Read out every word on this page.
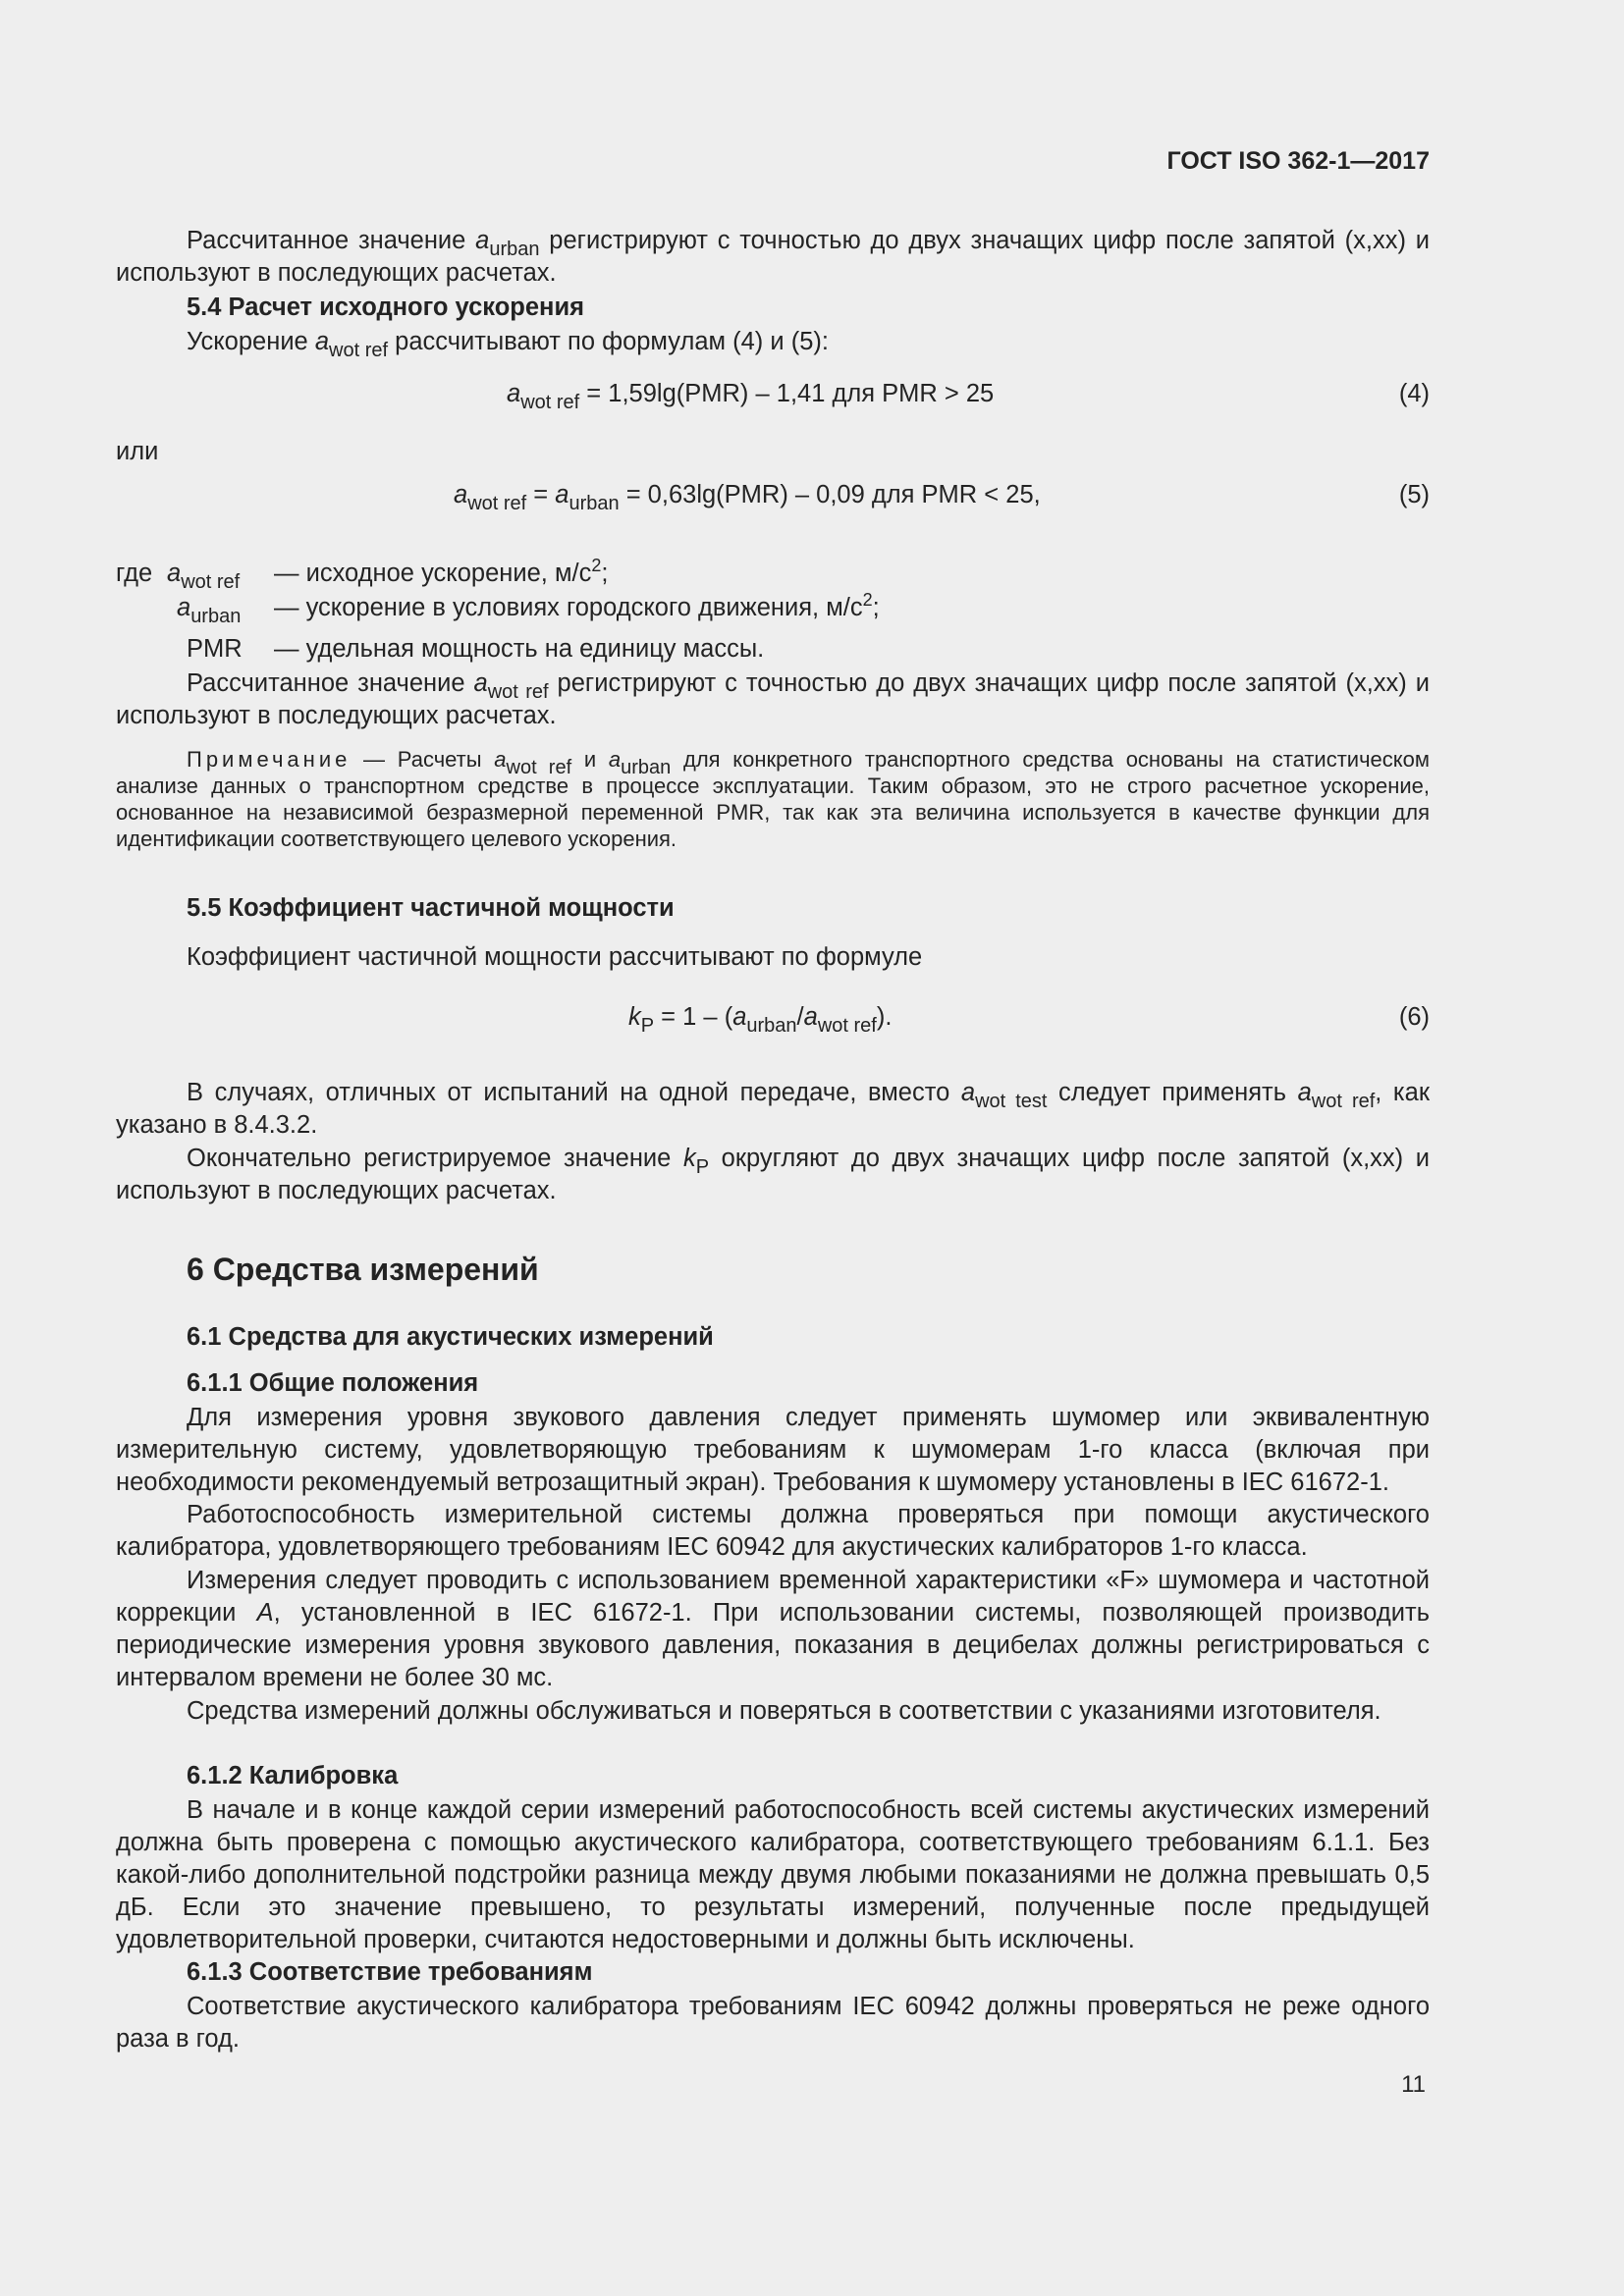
ГОСТ ISO 362-1—2017
Рассчитанное значение $a_{urban}$ регистрируют с точностью до двух значащих цифр после запятой (x,xx) и используют в последующих расчетах.
5.4 Расчет исходного ускорения
Ускорение $a_{wot ref}$ рассчитывают по формулам (4) и (5):
$a_{wot ref} = 1,59\lg(PMR) - 1,41$ для PMR > 25	(4)
или
$a_{wot ref} = a_{urban} = 0,63\lg(PMR) - 0,09$ для PMR < 25,	(5)
где $a_{wot ref}$ — исходное ускорение, $м/с^2$;
$a_{urban}$ — ускорение в условиях городского движения, $м/с^2$;
PMR — удельная мощность на единицу массы.
Рассчитанное значение $a_{wot ref}$ регистрируют с точностью до двух значащих цифр после запятой (x,xx) и используют в последующих расчетах.
Примечание — Расчеты $a_{wot ref}$ и $a_{urban}$ для конкретного транспортного средства основаны на статистическом анализе данных о транспортном средстве в процессе эксплуатации. Таким образом, это не строго расчетное ускорение, основанное на независимой безразмерной переменной PMR, так как эта величина используется в качестве функции для идентификации соответствующего целевого ускорения.
5.5 Коэффициент частичной мощности
Коэффициент частичной мощности рассчитывают по формуле
$k_P = 1 - (a_{urban}/a_{wot ref})$.	(6)
В случаях, отличных от испытаний на одной передаче, вместо $a_{wot test}$ следует применять $a_{wot ref}$, как указано в 8.4.3.2.
Окончательно регистрируемое значение $k_P$ округляют до двух значащих цифр после запятой (x,xx) и используют в последующих расчетах.
6 Средства измерений
6.1 Средства для акустических измерений
6.1.1 Общие положения
Для измерения уровня звукового давления следует применять шумомер или эквивалентную измерительную систему, удовлетворяющую требованиям к шумомерам 1-го класса (включая при необходимости рекомендуемый ветрозащитный экран). Требования к шумомеру установлены в IEC 61672-1.
Работоспособность измерительной системы должна проверяться при помощи акустического калибратора, удовлетворяющего требованиям IEC 60942 для акустических калибраторов 1-го класса.
Измерения следует проводить с использованием временной характеристики «F» шумомера и частотной коррекции A, установленной в IEC 61672-1. При использовании системы, позволяющей производить периодические измерения уровня звукового давления, показания в децибелах должны регистрироваться с интервалом времени не более 30 мс.
Средства измерений должны обслуживаться и поверяться в соответствии с указаниями изготовителя.
6.1.2 Калибровка
В начале и в конце каждой серии измерений работоспособность всей системы акустических измерений должна быть проверена с помощью акустического калибратора, соответствующего требованиям 6.1.1. Без какой-либо дополнительной подстройки разница между двумя любыми показаниями не должна превышать 0,5 дБ. Если это значение превышено, то результаты измерений, полученные после предыдущей удовлетворительной проверки, считаются недостоверными и должны быть исключены.
6.1.3 Соответствие требованиям
Соответствие акустического калибратора требованиям IEC 60942 должны проверяться не реже одного раза в год.
11
